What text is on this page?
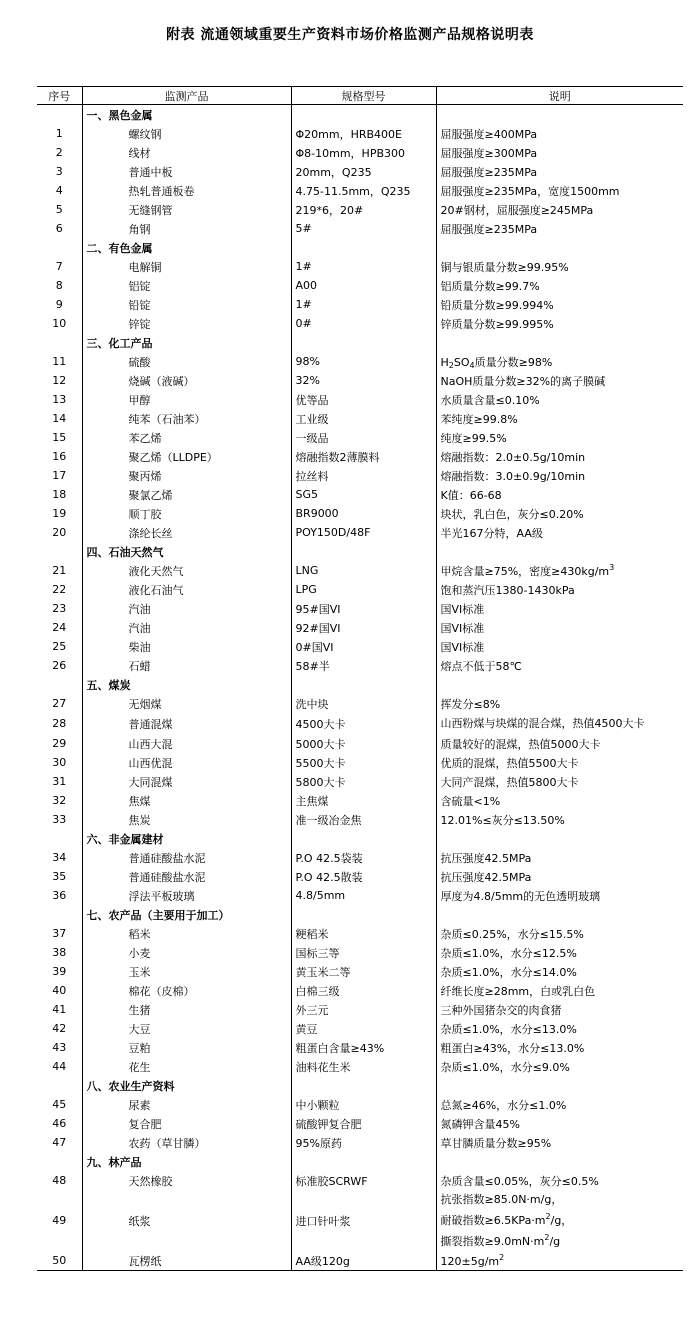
附表 流通领域重要生产资料市场价格监测产品规格说明表
序号	监测产品	规格型号	说明
	一、黑色金属		
1	螺纹钢	Φ20mm，HRB400E	屈服强度≥400MPa
2	线材	Φ8-10mm，HPB300	屈服强度≥300MPa
3	普通中板	20mm，Q235	屈服强度≥235MPa
4	热轧普通板卷	4.75-11.5mm，Q235	屈服强度≥235MPa，宽度1500mm
5	无缝钢管	219*6，20#	20#钢材，屈服强度≥245MPa
6	角钢	5#	屈服强度≥235MPa
	二、有色金属		
7	电解铜	1#	铜与银质量分数≥99.95%
8	铝锭	A00	铝质量分数≥99.7%
9	铅锭	1#	铅质量分数≥99.994%
10	锌锭	0#	锌质量分数≥99.995%
	三、化工产品		
11	硫酸	98%	$H_2SO_4$质量分数≥98%
12	烧碱（液碱）	32%	NaOH质量分数≥32%的离子膜碱
13	甲醇	优等品	水质量含量≤0.10%
14	纯苯（石油苯）	工业级	苯纯度≥99.8%
15	苯乙烯	一级品	纯度≥99.5%
16	聚乙烯（LLDPE）	熔融指数2薄膜料	熔融指数：2.0±0.5g/10min
17	聚丙烯	拉丝料	熔融指数：3.0±0.9g/10min
18	聚氯乙烯	SG5	K值：66-68
19	顺丁胶	BR9000	块状，乳白色，灰分≤0.20%
20	涤纶长丝	POY150D/48F	半光167分特，AA级
	四、石油天然气		
21	液化天然气	LNG	甲烷含量≥75%，密度$\ge 430kg/m^3$
22	液化石油气	LPG	饱和蒸汽压1380-1430kPa
23	汽油	95#国VI	国VI标准
24	汽油	92#国VI	国VI标准
25	柴油	0#国VI	国VI标准
26	石蜡	58#半	熔点不低于58℃
	五、煤炭		
27	无烟煤	洗中块	挥发分≤8%
28	普通混煤	4500大卡	山西粉煤与块煤的混合煤，热值4500大卡
29	山西大混	5000大卡	质量较好的混煤，热值5000大卡
30	山西优混	5500大卡	优质的混煤，热值5500大卡
31	大同混煤	5800大卡	大同产混煤，热值5800大卡
32	焦煤	主焦煤	含硫量<1%
33	焦炭	准一级冶金焦	12.01%≤灰分≤13.50%
	六、非金属建材		
34	普通硅酸盐水泥	P.O 42.5袋装	抗压强度42.5MPa
35	普通硅酸盐水泥	P.O 42.5散装	抗压强度42.5MPa
36	浮法平板玻璃	4.8/5mm	厚度为4.8/5mm的无色透明玻璃
	七、农产品（主要用于加工）		
37	稻米	粳稻米	杂质≤0.25%，水分≤15.5%
38	小麦	国标三等	杂质≤1.0%，水分≤12.5%
39	玉米	黄玉米二等	杂质≤1.0%，水分≤14.0%
40	棉花（皮棉）	白棉三级	纤维长度≥28mm，白或乳白色
41	生猪	外三元	三种外国猪杂交的肉食猪
42	大豆	黄豆	杂质≤1.0%，水分≤13.0%
43	豆粕	粗蛋白含量≥43%	粗蛋白≥43%，水分≤13.0%
44	花生	油料花生米	杂质≤1.0%，水分≤9.0%
	八、农业生产资料		
45	尿素	中小颗粒	总氮≥46%，水分≤1.0%
46	复合肥	硫酸钾复合肥	氮磷钾含量45%
47	农药（草甘膦）	95%原药	草甘膦质量分数≥95%
	九、林产品		
48	天然橡胶	标准胶SCRWF	杂质含量≤0.05%，灰分≤0.5%
49	纸浆	进口针叶浆	抗张指数≥85.0N·m/g，
耐破指数$\ge 6.5KPa\cdot m^2/g$，
撕裂指数$\ge 9.0mN\cdot m^2/g$

50	瓦楞纸	AA级120g	$120\pm 5g/m^2$
